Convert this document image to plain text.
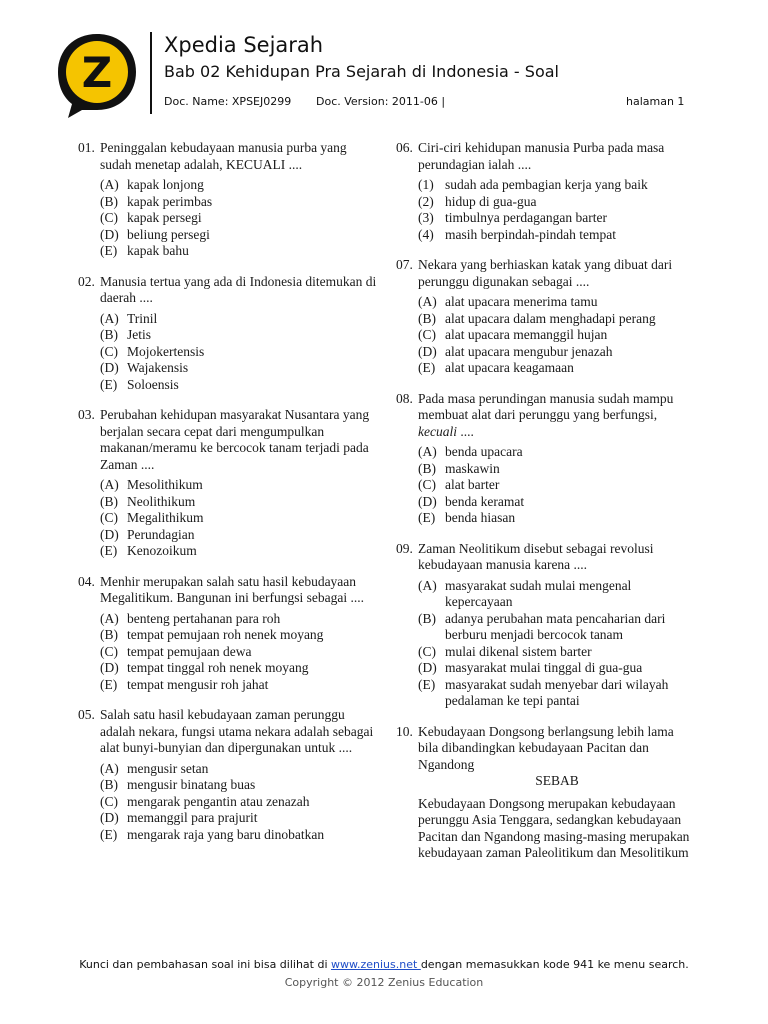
Z
Xpedia Sejarah
Bab 02 Kehidupan Pra Sejarah di Indonesia - Soal
Doc. Name: XPSEJ0299 Doc. Version: 2011-06 |	halaman 1
01. Peninggalan kebudayaan manusia purba yang sudah menetap adalah, KECUALI ....
(A) kapak lonjong
(B) kapak perimbas
(C) kapak persegi
(D) beliung persegi
(E) kapak bahu
02. Manusia tertua yang ada di Indonesia ditemukan di daerah ....
(A) Trinil
(B) Jetis
(C) Mojokertensis
(D) Wajakensis
(E) Soloensis
03. Perubahan kehidupan masyarakat Nusantara yang berjalan secara cepat dari mengumpulkan makanan/meramu ke bercocok tanam terjadi pada Zaman ....
(A) Mesolithikum
(B) Neolithikum
(C) Megalithikum
(D) Perundagian
(E) Kenozoikum
04. Menhir merupakan salah satu hasil kebudayaan Megalitikum. Bangunan ini berfungsi sebagai ....
(A) benteng pertahanan para roh
(B) tempat pemujaan roh nenek moyang
(C) tempat pemujaan dewa
(D) tempat tinggal roh nenek moyang
(E) tempat mengusir roh jahat
05. Salah satu hasil kebudayaan zaman perunggu adalah nekara, fungsi utama nekara adalah sebagai alat bunyi-bunyian dan dipergunakan untuk ....
(A) mengusir setan
(B) mengusir binatang buas
(C) mengarak pengantin atau zenazah
(D) memanggil para prajurit
(E) mengarak raja yang baru dinobatkan
06. Ciri-ciri kehidupan manusia Purba pada masa perundagian ialah ....
(1) sudah ada pembagian kerja yang baik
(2) hidup di gua-gua
(3) timbulnya perdagangan barter
(4) masih berpindah-pindah tempat
07. Nekara yang berhiaskan katak yang dibuat dari perunggu digunakan sebagai ....
(A) alat upacara menerima tamu
(B) alat upacara dalam menghadapi perang
(C) alat upacara memanggil hujan
(D) alat upacara mengubur jenazah
(E) alat upacara keagamaan
08. Pada masa perundingan manusia sudah mampu membuat alat dari perunggu yang berfungsi, kecuali ....
(A) benda upacara
(B) maskawin
(C) alat barter
(D) benda keramat
(E) benda hiasan
09. Zaman Neolitikum disebut sebagai revolusi kebudayaan manusia karena ....
(A) masyarakat sudah mulai mengenal kepercayaan
(B) adanya perubahan mata pencaharian dari berburu menjadi bercocok tanam
(C) mulai dikenal sistem barter
(D) masyarakat mulai tinggal di gua-gua
(E) masyarakat sudah menyebar dari wilayah pedalaman ke tepi pantai
10. Kebudayaan Dongsong berlangsung lebih lama bila dibandingkan kebudayaan Pacitan dan Ngandong
SEBAB
Kebudayaan Dongsong merupakan kebudayaan perunggu Asia Tenggara, sedangkan kebudayaan Pacitan dan Ngandong masing-masing merupakan kebudayaan zaman Paleolitikum dan Mesolitikum
Kunci dan pembahasan soal ini bisa dilihat di www.zenius.net dengan memasukkan kode 941 ke menu search.
Copyright © 2012 Zenius Education
